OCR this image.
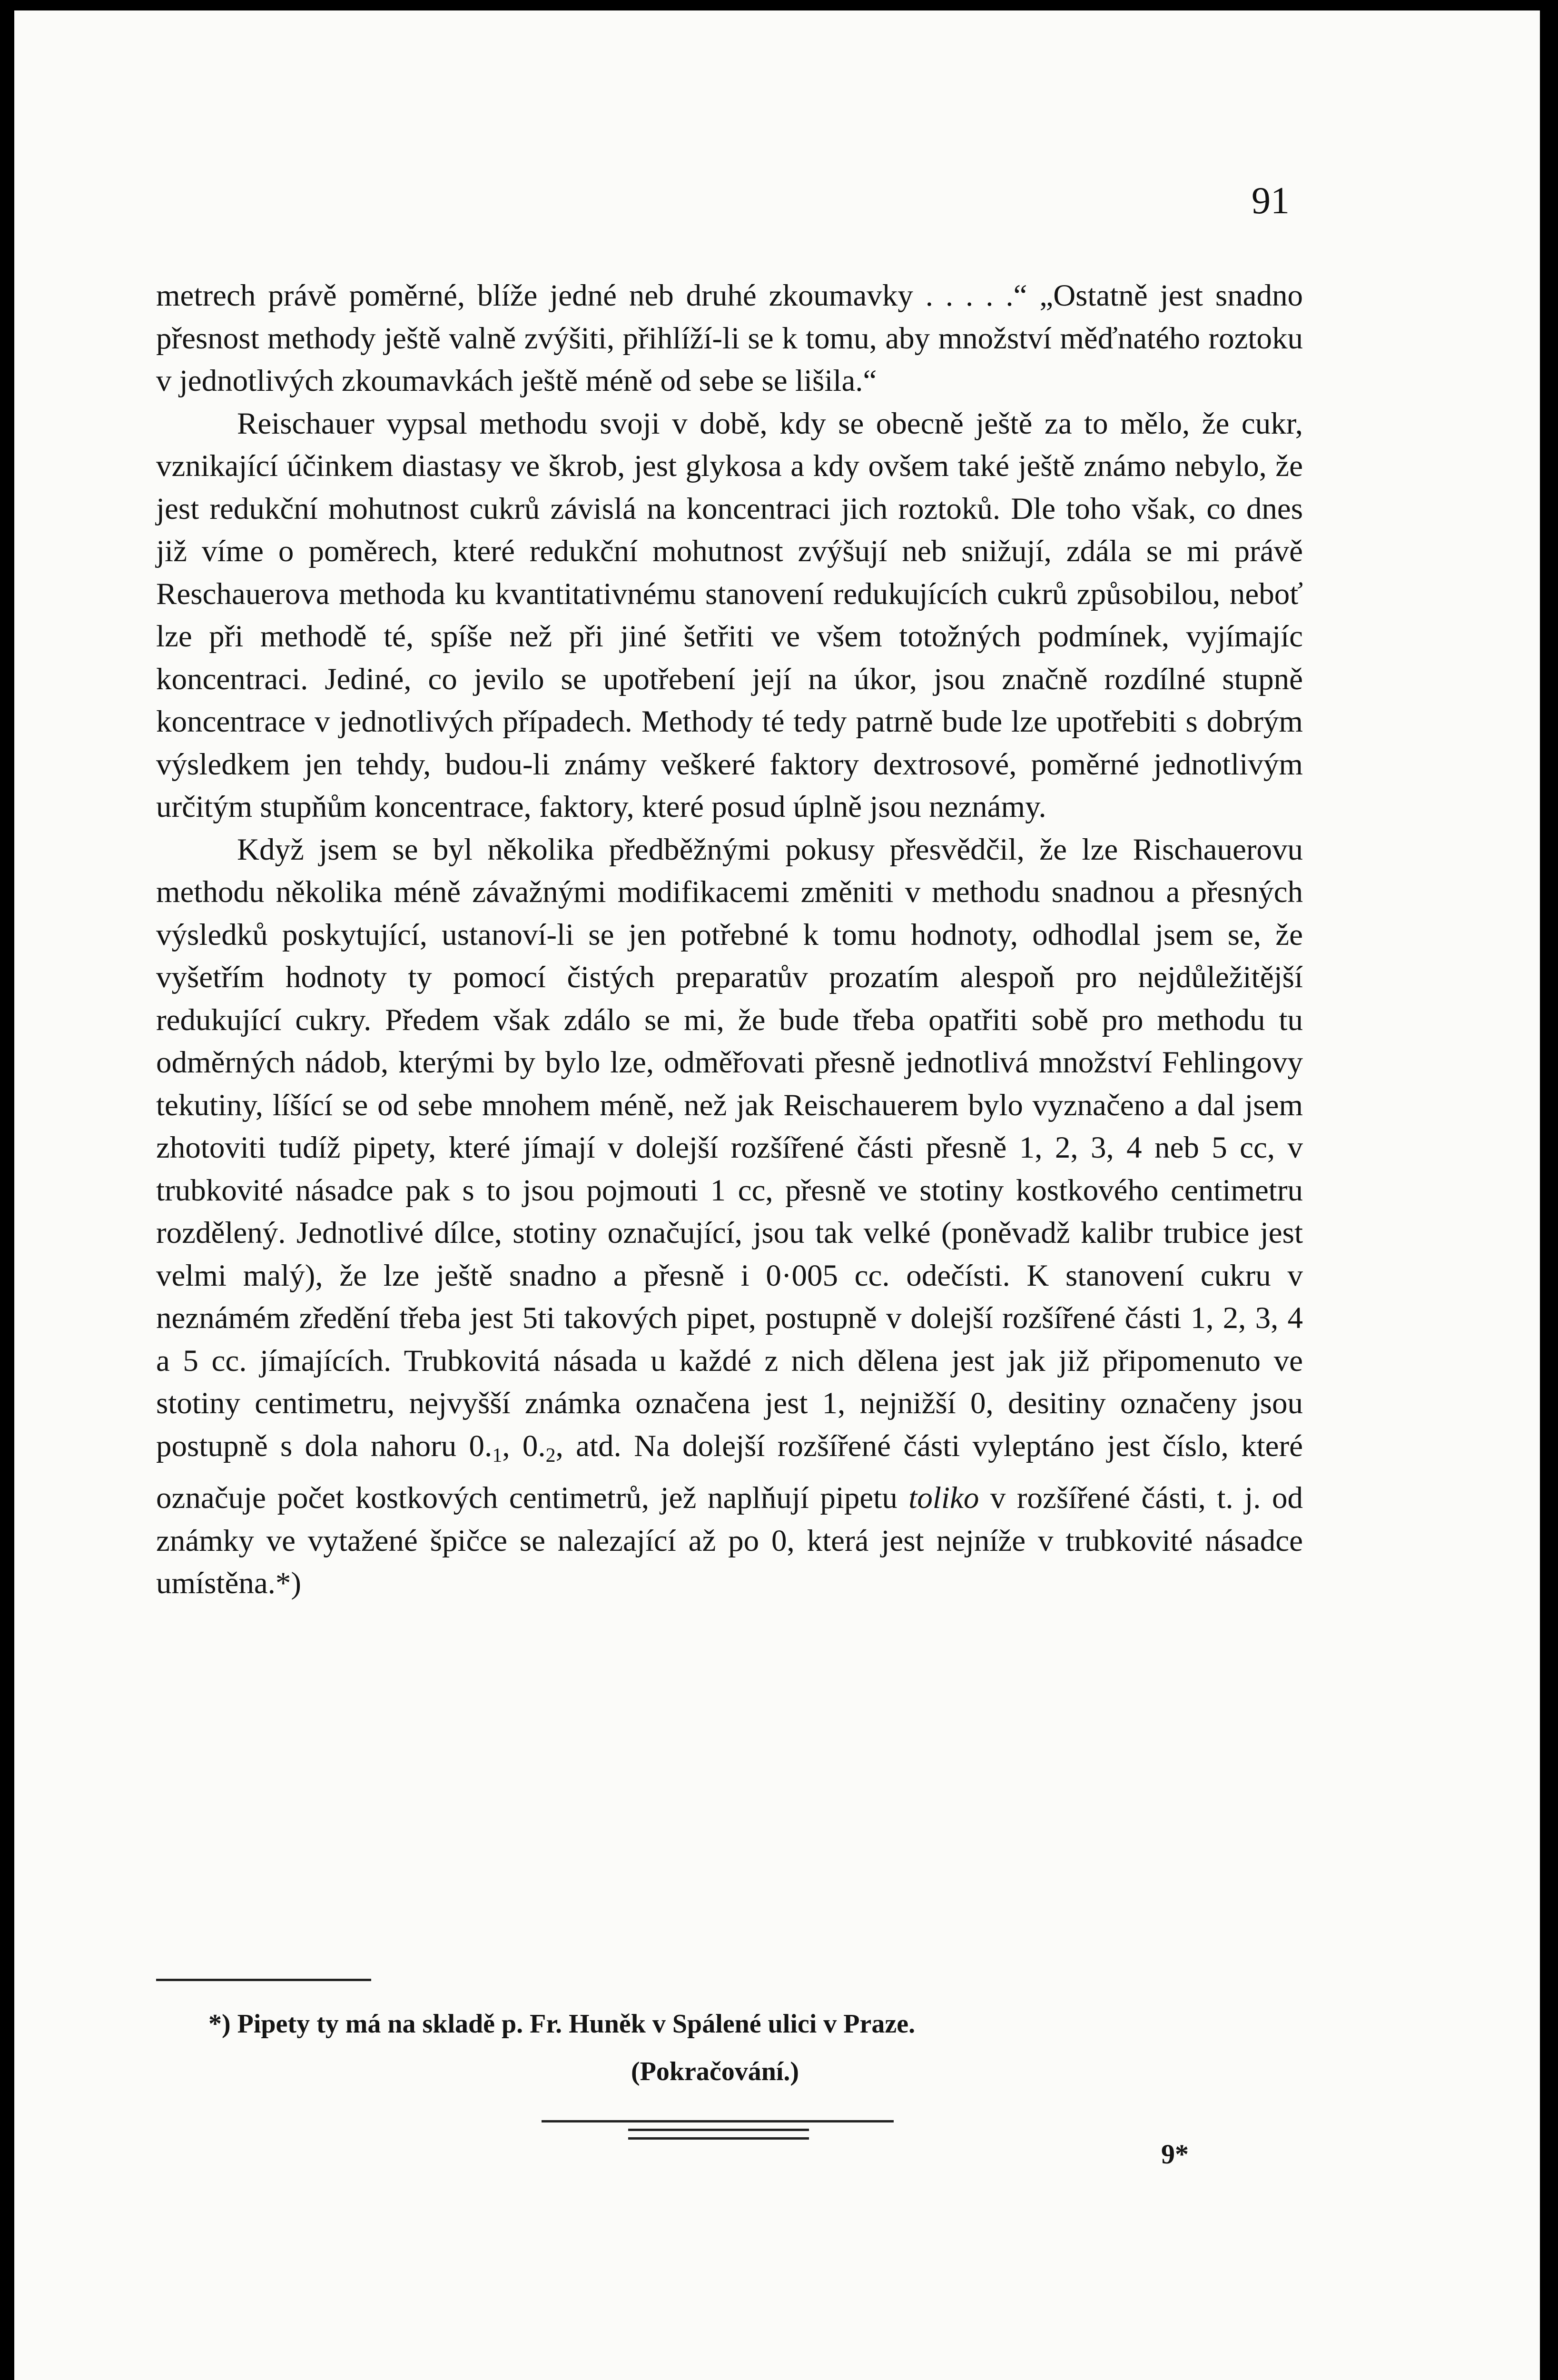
91

metrech právě poměrné, blíže jedné neb druhé zkoumavky . . . . .“ „Ostatně jest snadno přesnost methody ještě valně zvýšiti, přihlíží-li se k tomu, aby množství měďnatého roztoku v jednotlivých zkoumavkách ještě méně od sebe se lišila.“

Reischauer vypsal methodu svoji v době, kdy se obecně ještě za to mělo, že cukr, vznikající účinkem diastasy ve škrob, jest glykosa a kdy ovšem také ještě známo nebylo, že jest redukční mohutnost cukrů závislá na koncentraci jich roztoků. Dle toho však, co dnes již víme o poměrech, které redukční mohutnost zvýšují neb snižují, zdála se mi právě Reschauerova methoda ku kvantitativnému stanovení redukujících cukrů způsobilou, neboť lze při methodě té, spíše než při jiné šetřiti ve všem totožných podmínek, vyjímajíc koncentraci. Jediné, co jevilo se upotřebení její na úkor, jsou značně rozdílné stupně koncentrace v jednotlivých případech. Methody té tedy patrně bude lze upotřebiti s dobrým výsledkem jen tehdy, budou-li známy veškeré faktory dextrosové, poměrné jednotlivým určitým stupňům koncentrace, faktory, které posud úplně jsou neznámy.

Když jsem se byl několika předběžnými pokusy přesvědčil, že lze Rischauerovu methodu několika méně závažnými modifikacemi změniti v methodu snadnou a přesných výsledků poskytující, ustanoví-li se jen potřebné k tomu hodnoty, odhodlal jsem se, že vyšetřím hodnoty ty pomocí čistých preparatův prozatím alespoň pro nejdůležitější redukující cukry. Předem však zdálo se mi, že bude třeba opatřiti sobě pro methodu tu odměrných nádob, kterými by bylo lze, odměřovati přesně jednotlivá množství Fehlingovy tekutiny, líšící se od sebe mnohem méně, než jak Reischauerem bylo vyznačeno a dal jsem zhotoviti tudíž pipety, které jímají v dolejší rozšířené části přesně 1, 2, 3, 4 neb 5 cc, v trubkovité násadce pak s to jsou pojmouti 1 cc, přesně ve stotiny kostkového centimetru rozdělený. Jednotlivé dílce, stotiny označující, jsou tak velké (poněvadž kalibr trubice jest velmi malý), že lze ještě snadno a přesně i 0·005 cc. odečísti. K stanovení cukru v neznámém zředění třeba jest 5ti takových pipet, postupně v dolejší rozšířené části 1, 2, 3, 4 a 5 cc. jímajících. Trubkovitá násada u každé z nich dělena jest jak již připomenuto ve stotiny centimetru, nejvyšší známka označena jest 1, nejnižší 0, desitiny označeny jsou postupně s dola nahoru $0._1$, $0._2$, atd. Na dolejší rozšířené části vyleptáno jest číslo, které označuje počet kostkových centimetrů, jež naplňují pipetu toliko v rozšířené části, t. j. od známky ve vytažené špičce se nalezající až po 0, která jest nejníže v trubkovité násadce umístěna.*)

*) Pipety ty má na skladě p. Fr. Huněk v Spálené ulici v Praze.
(Pokračování.)
9*
